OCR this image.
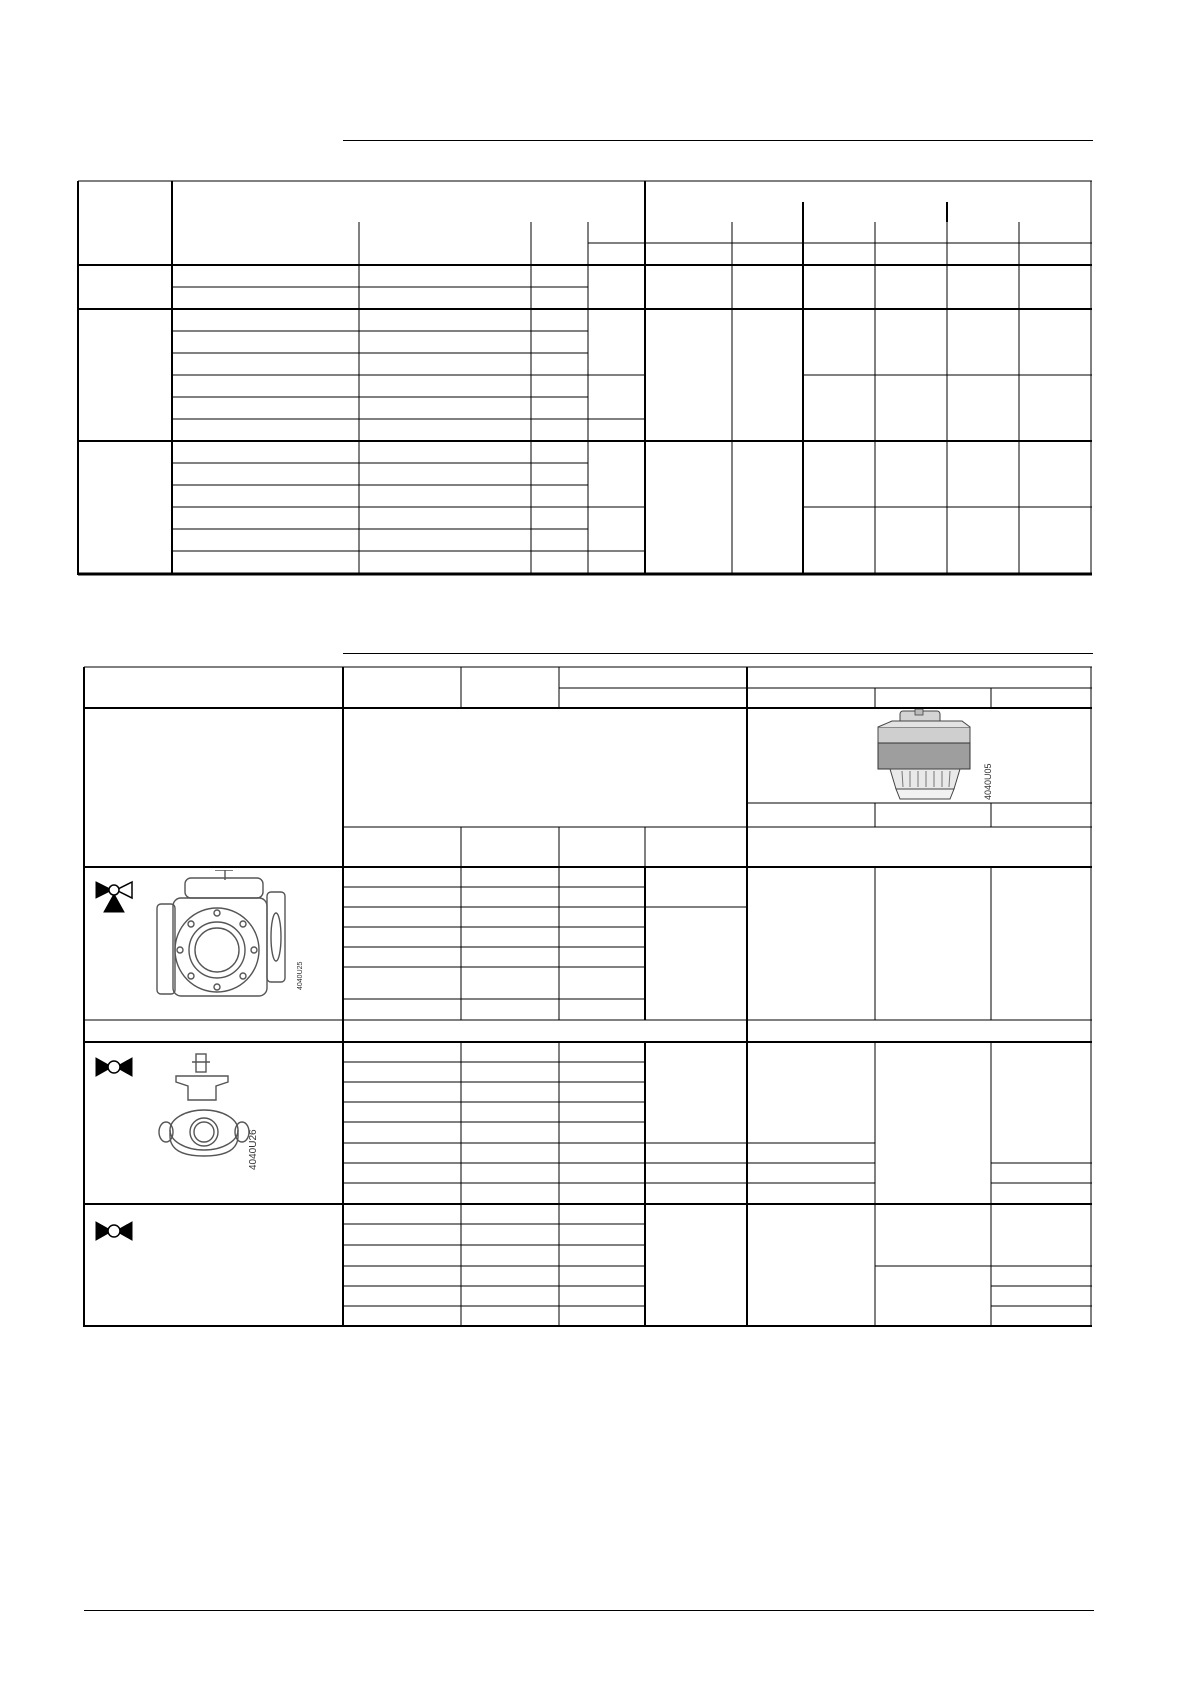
4040U05
4040U25
4040U26
